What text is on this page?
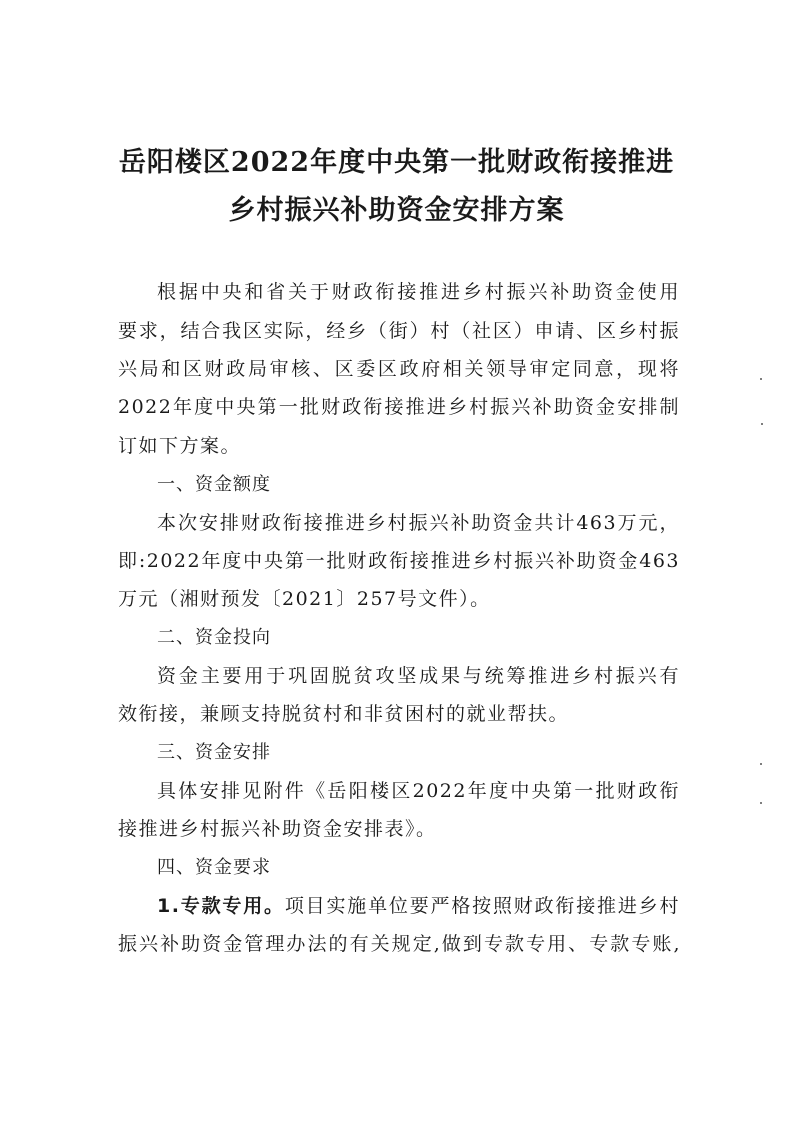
岳阳楼区2022年度中央第一批财政衔接推进
乡村振兴补助资金安排方案
根据中央和省关于财政衔接推进乡村振兴补助资金使用
要求，结合我区实际，经乡（街）村（社区）申请、区乡村振
兴局和区财政局审核、区委区政府相关领导审定同意，现将
2022年度中央第一批财政衔接推进乡村振兴补助资金安排制
订如下方案。
一、资金额度
本次安排财政衔接推进乡村振兴补助资金共计463万元，
即:2022年度中央第一批财政衔接推进乡村振兴补助资金463
万元（湘财预发〔2021〕257号文件）。
二、资金投向
资金主要用于巩固脱贫攻坚成果与统筹推进乡村振兴有
效衔接，兼顾支持脱贫村和非贫困村的就业帮扶。
三、资金安排
具体安排见附件《岳阳楼区2022年度中央第一批财政衔
接推进乡村振兴补助资金安排表》。
四、资金要求
1.专款专用。项目实施单位要严格按照财政衔接推进乡村
振兴补助资金管理办法的有关规定,做到专款专用、专款专账,
